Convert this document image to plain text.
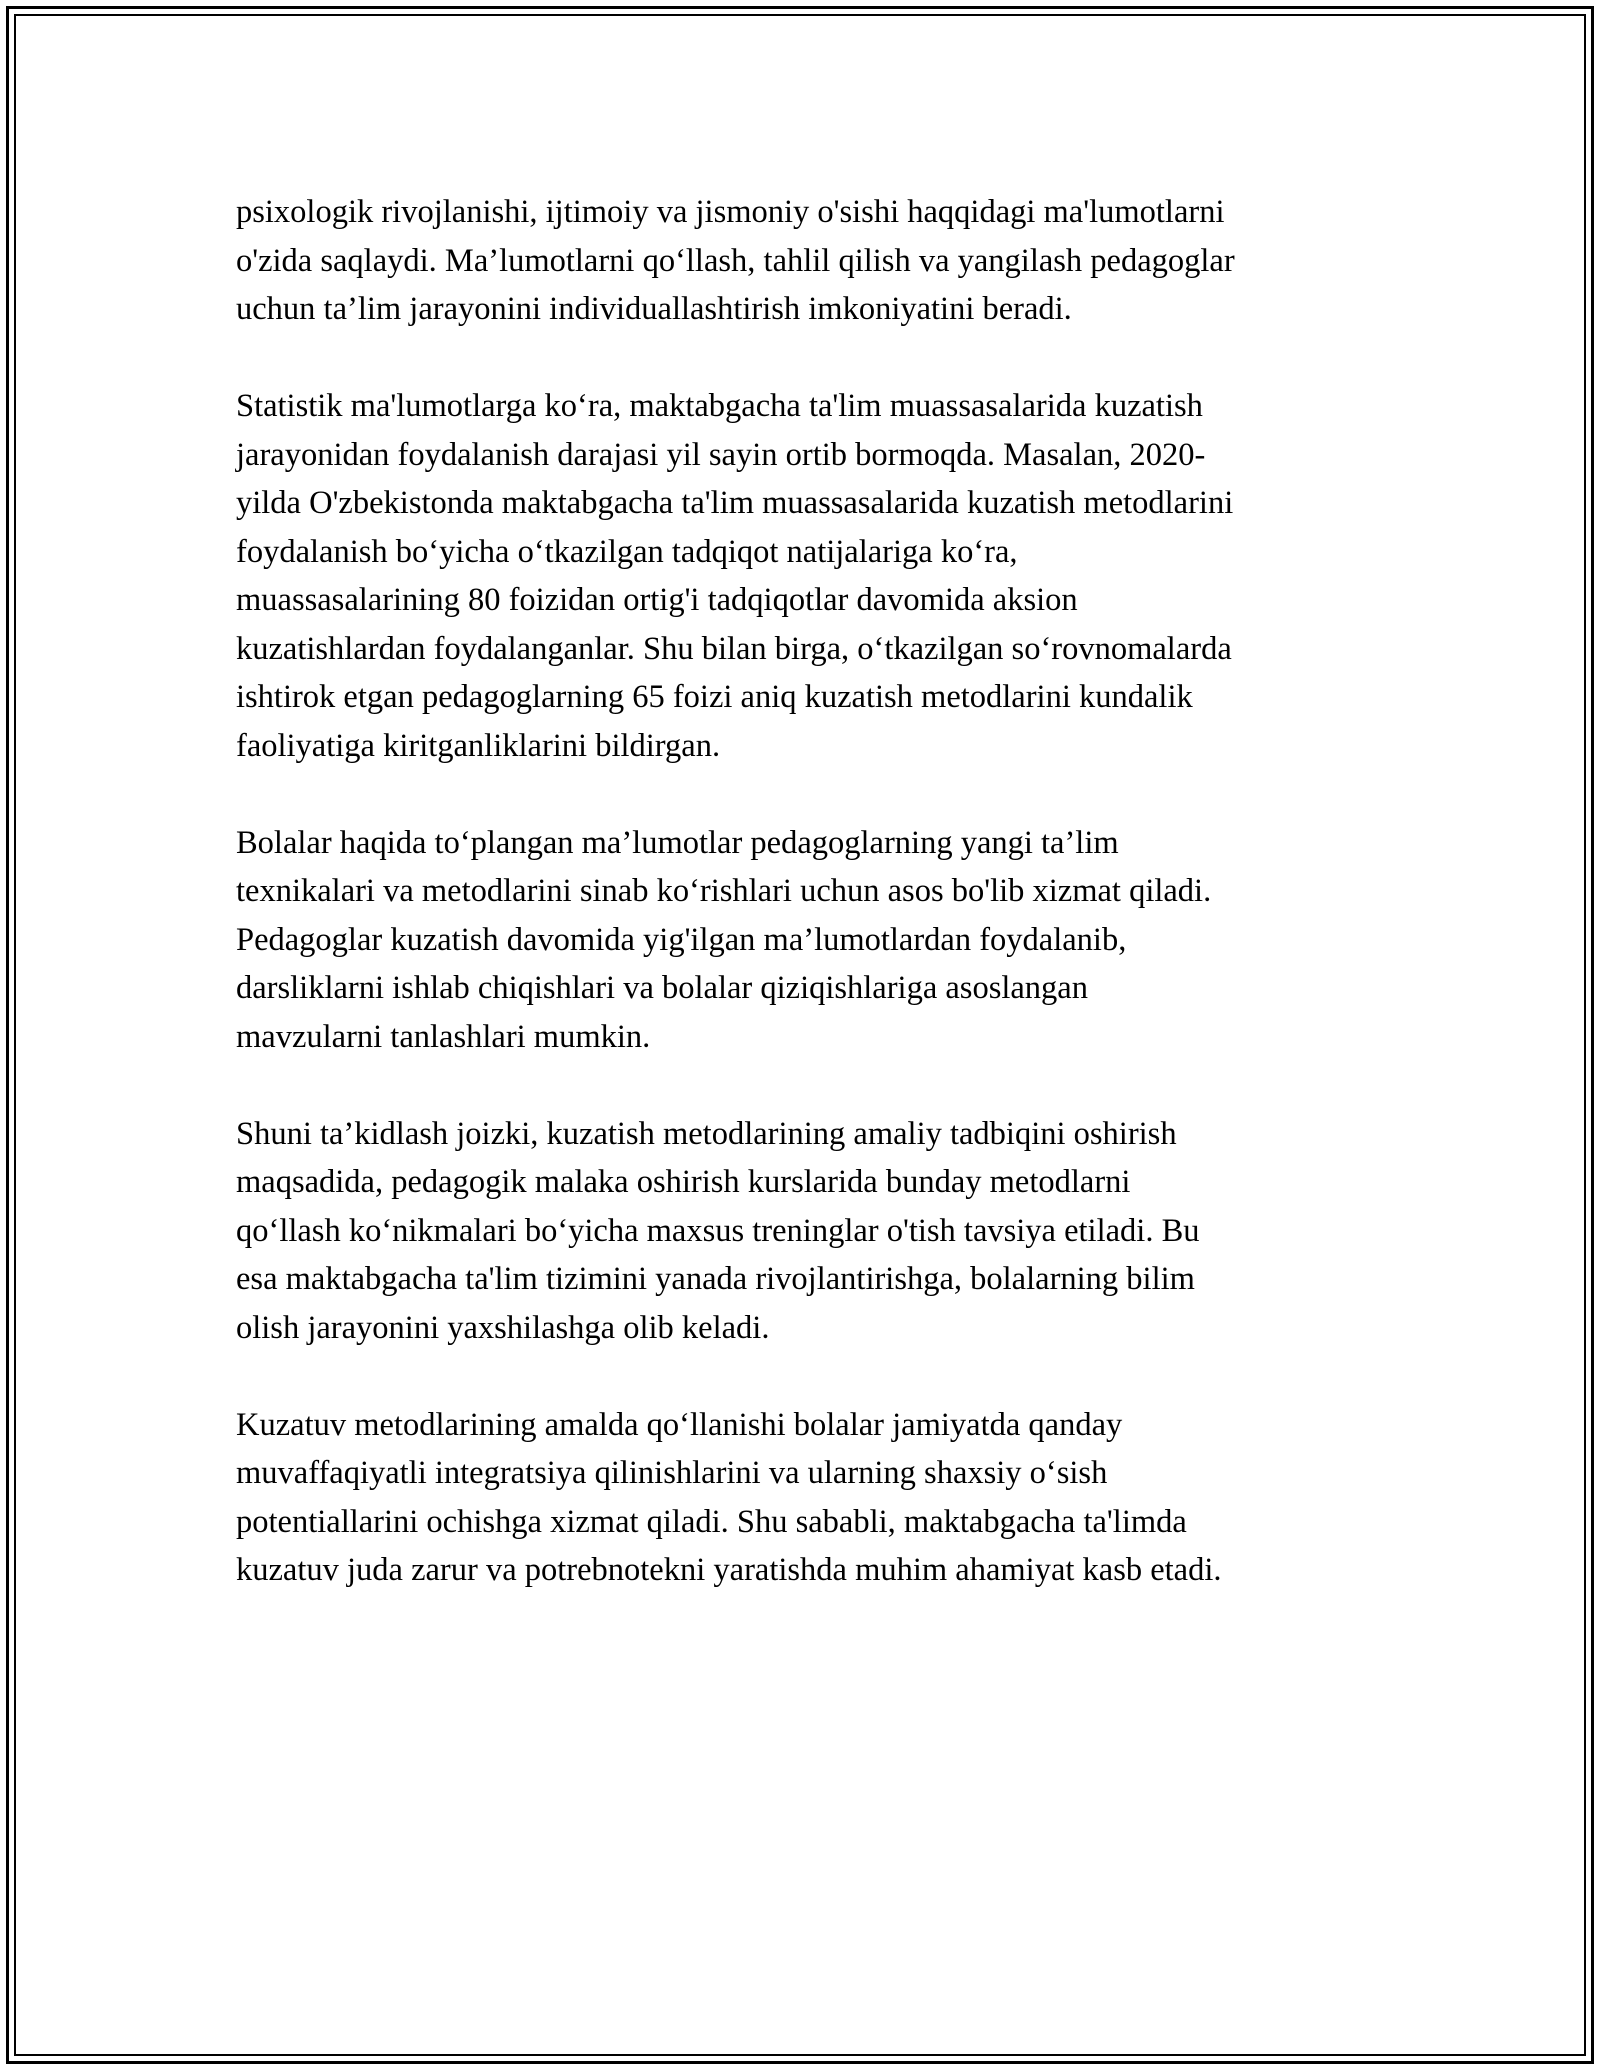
psixologik rivojlanishi, ijtimoiy va jismoniy o'sishi haqqidagi ma'lumotlarni
o'zida saqlaydi. Ma’lumotlarni qo‘llash, tahlil qilish va yangilash pedagoglar
uchun ta’lim jarayonini individuallashtirish imkoniyatini beradi.

Statistik ma'lumotlarga ko‘ra, maktabgacha ta'lim muassasalarida kuzatish
jarayonidan foydalanish darajasi yil sayin ortib bormoqda. Masalan, 2020-
yilda O'zbekistonda maktabgacha ta'lim muassasalarida kuzatish metodlarini
foydalanish bo‘yicha o‘tkazilgan tadqiqot natijalariga ko‘ra,
muassasalarining 80 foizidan ortig'i tadqiqotlar davomida aksion
kuzatishlardan foydalanganlar. Shu bilan birga, o‘tkazilgan so‘rovnomalarda
ishtirok etgan pedagoglarning 65 foizi aniq kuzatish metodlarini kundalik
faoliyatiga kiritganliklarini bildirgan.

Bolalar haqida to‘plangan ma’lumotlar pedagoglarning yangi ta’lim
texnikalari va metodlarini sinab ko‘rishlari uchun asos bo'lib xizmat qiladi.
Pedagoglar kuzatish davomida yig'ilgan ma’lumotlardan foydalanib,
darsliklarni ishlab chiqishlari va bolalar qiziqishlariga asoslangan
mavzularni tanlashlari mumkin.

Shuni ta’kidlash joizki, kuzatish metodlarining amaliy tadbiqini oshirish
maqsadida, pedagogik malaka oshirish kurslarida bunday metodlarni
qo‘llash ko‘nikmalari bo‘yicha maxsus treninglar o'tish tavsiya etiladi. Bu
esa maktabgacha ta'lim tizimini yanada rivojlantirishga, bolalarning bilim
olish jarayonini yaxshilashga olib keladi.

Kuzatuv metodlarining amalda qo‘llanishi bolalar jamiyatda qanday
muvaffaqiyatli integratsiya qilinishlarini va ularning shaxsiy o‘sish
potentiallarini ochishga xizmat qiladi. Shu sababli, maktabgacha ta'limda
kuzatuv juda zarur va potrebnotekni yaratishda muhim ahamiyat kasb etadi.
